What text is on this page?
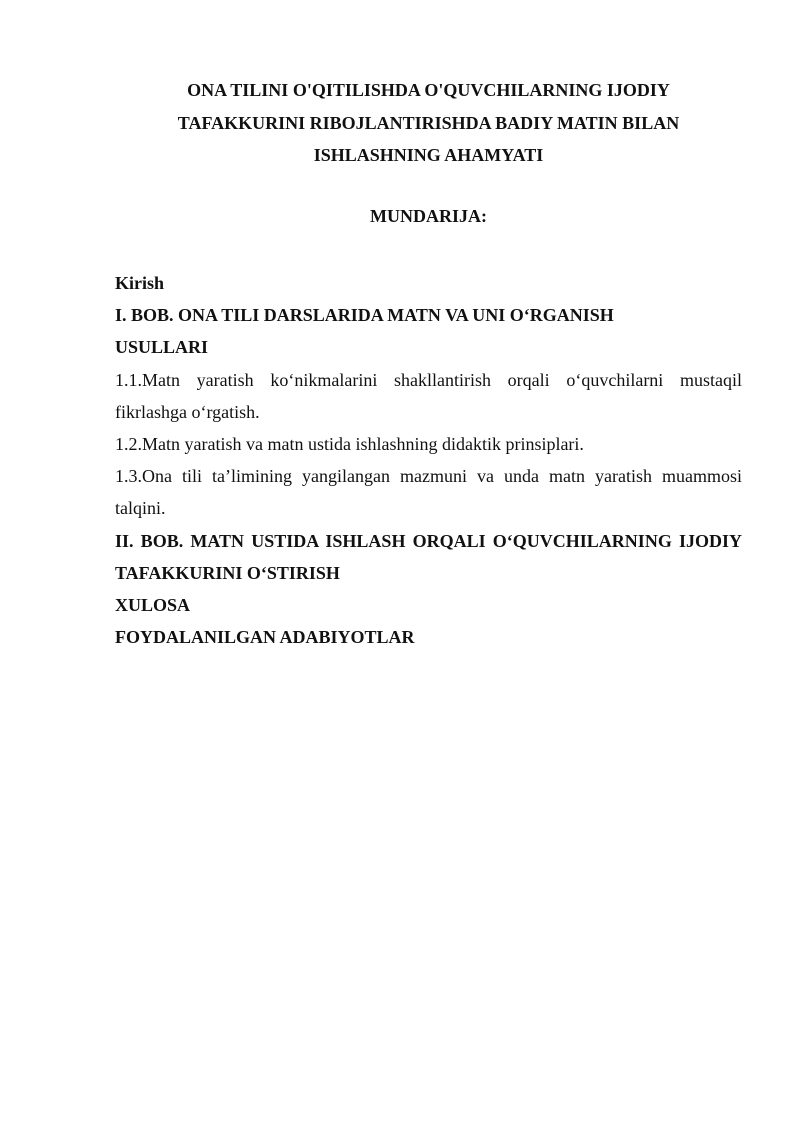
ONA TILINI O'QITILISHDA O'QUVCHILARNING IJODIY
TAFAKKURINI RIBOJLANTIRISHDA BADIY MATIN BILAN
ISHLASHNING AHAMYATI
MUNDARIJA:

Kirish

I. BOB. ONA TILI DARSLARIDA MATN VA UNI O‘RGANISH

USULLARI

1.1.Matn yaratish ko‘nikmalarini shakllantirish orqali o‘quvchilarni mustaqil fikrlashga o‘rgatish.

1.2.Matn yaratish va matn ustida ishlashning didaktik prinsiplari.

1.3.Ona tili ta’limining yangilangan mazmuni va unda matn yaratish muammosi talqini.

II. BOB. MATN USTIDA ISHLASH ORQALI O‘QUVCHILARNING IJODIY TAFAKKURINI O‘STIRISH

XULOSA

FOYDALANILGAN ADABIYOTLAR
